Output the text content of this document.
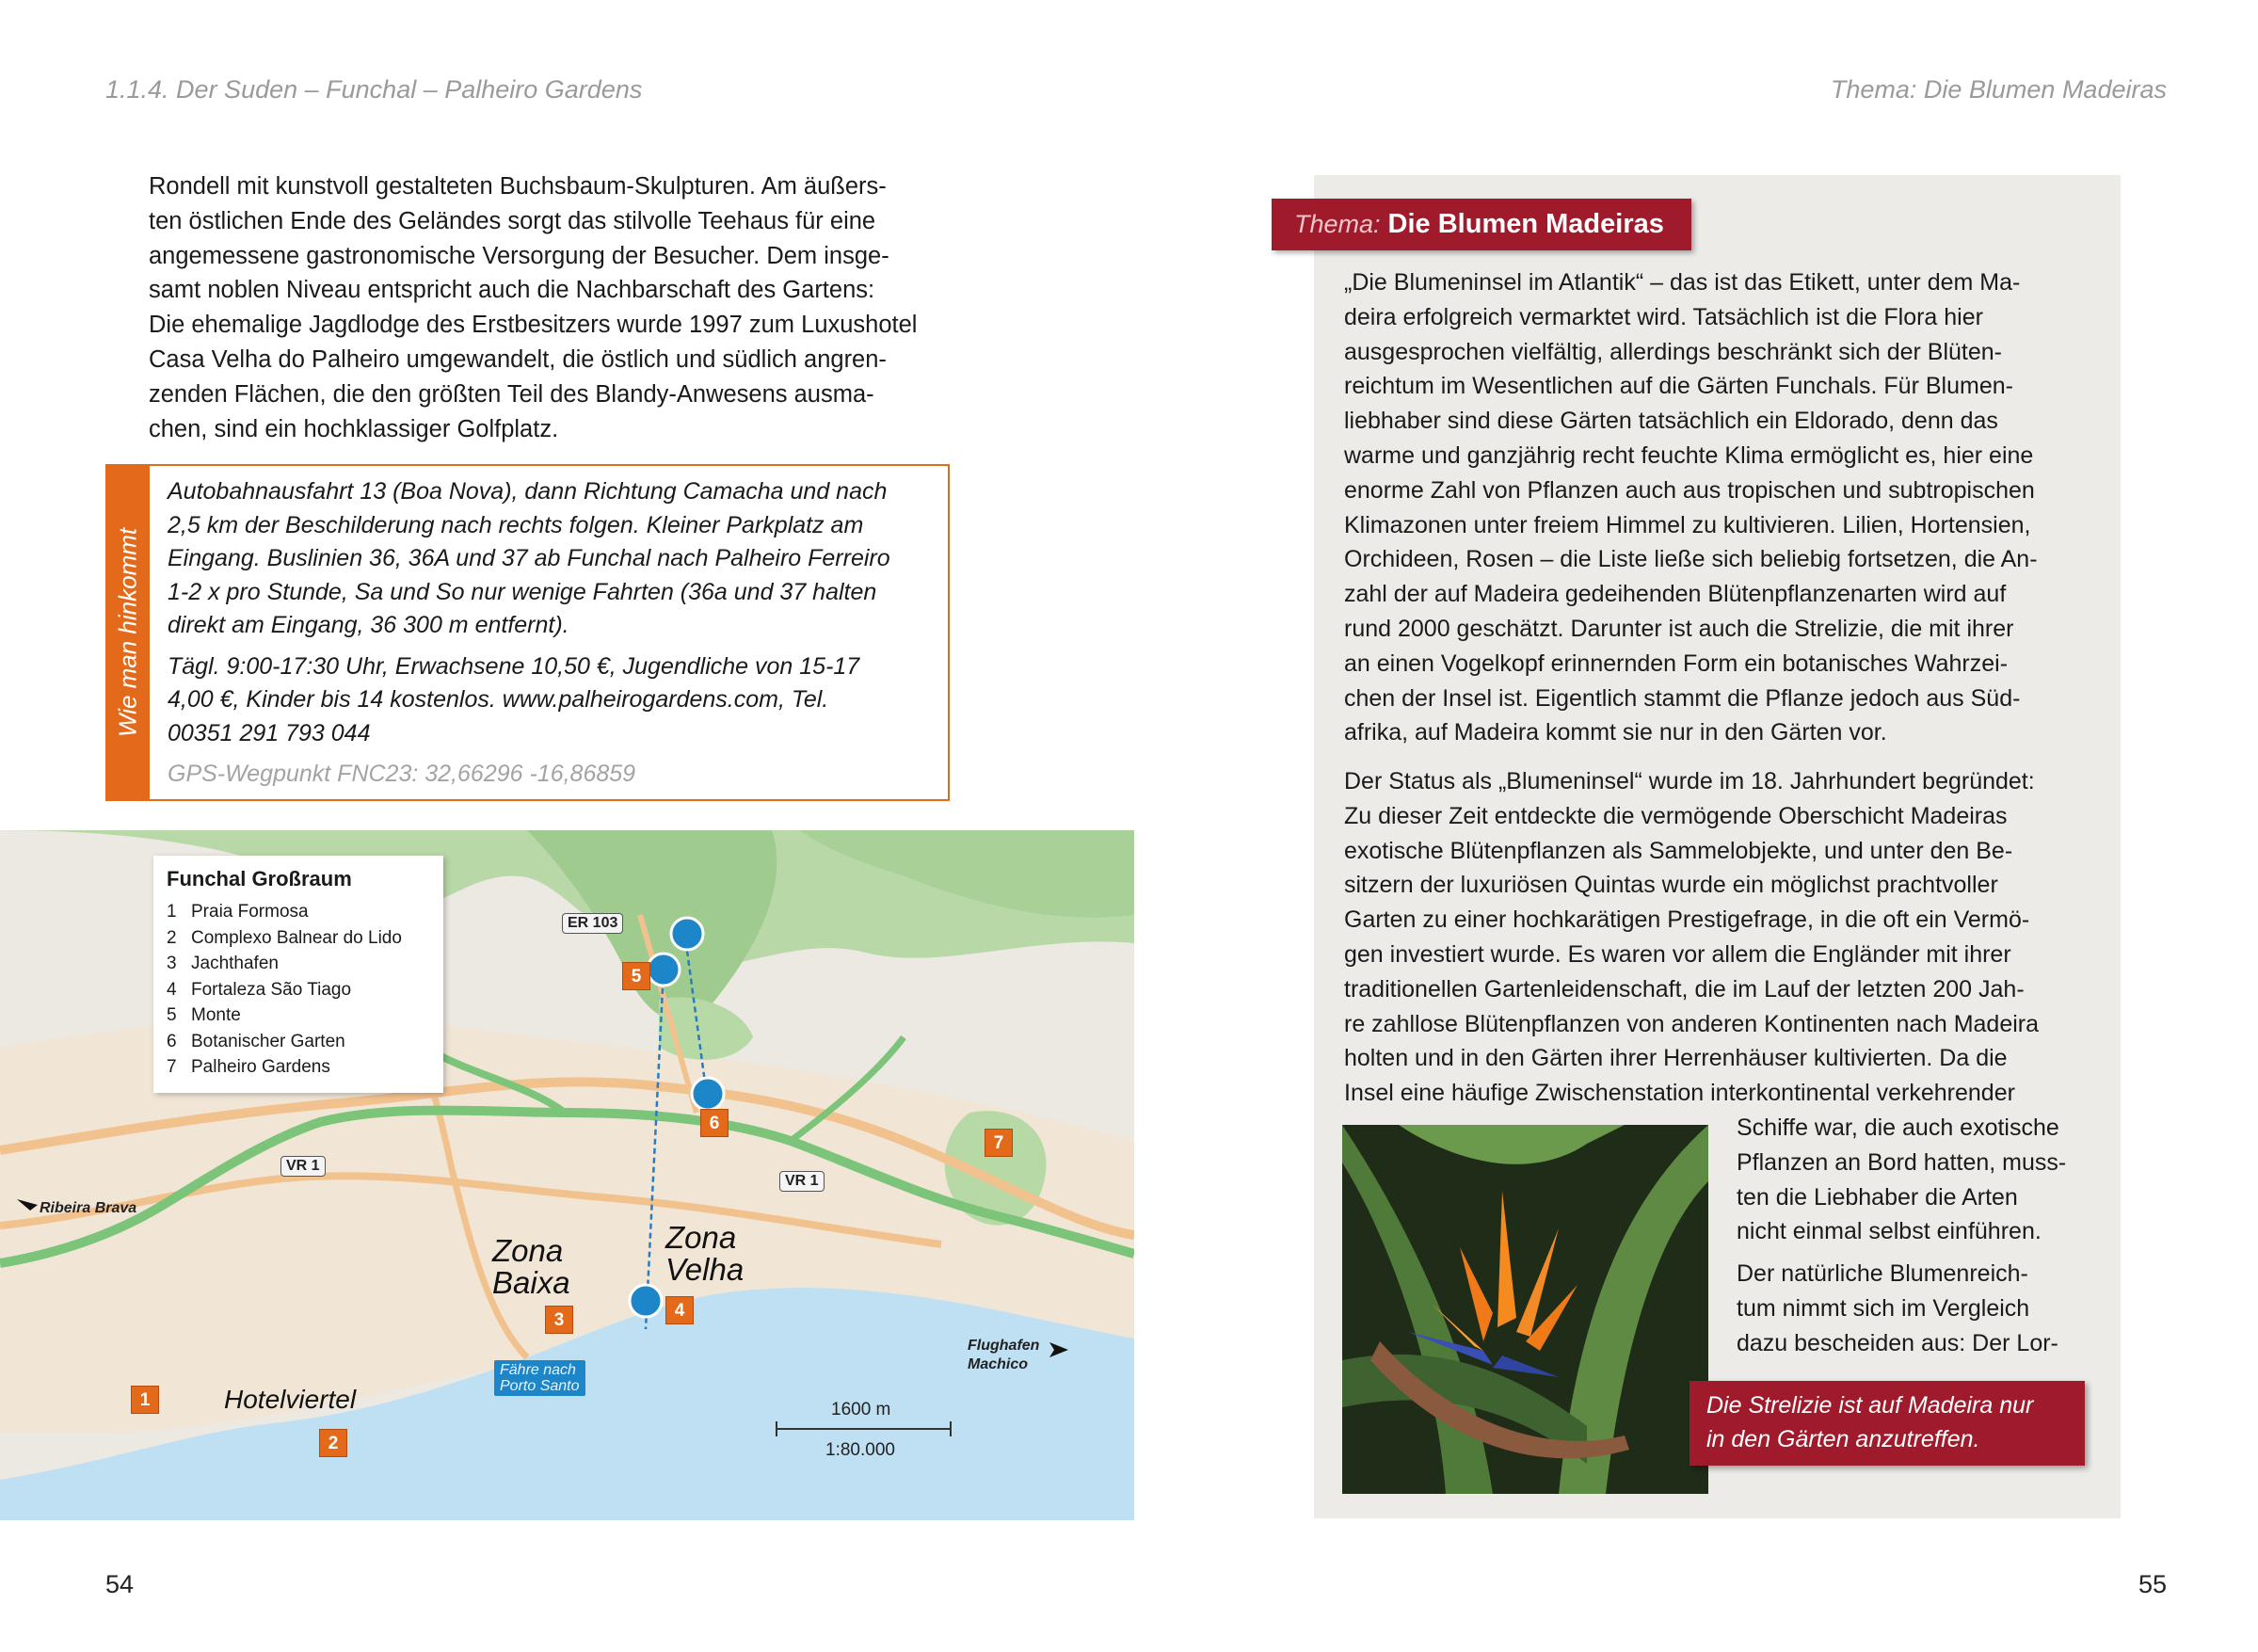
1.1.4. Der Suden – Funchal – Palheiro Gardens

Rondell mit kunstvoll gestalteten Buchsbaum-Skulpturen. Am äußers-

ten östlichen Ende des Geländes sorgt das stilvolle Teehaus für eine

angemessene gastronomische Versorgung der Besucher. Dem insge-

samt noblen Niveau entspricht auch die Nachbarschaft des Gartens:

Die ehemalige Jagdlodge des Erstbesitzers wurde 1997 zum Luxushotel

Casa Velha do Palheiro umgewandelt, die östlich und südlich angren-

zenden Flächen, die den größten Teil des Blandy-Anwesens ausma-

chen, sind ein hochklassiger Golfplatz.

Wie man hinkommt

Autobahnausfahrt 13 (Boa Nova), dann Richtung Camacha und nach
2,5 km der Beschilderung nach rechts folgen. Kleiner Parkplatz am
Eingang. Buslinien 36, 36A und 37 ab Funchal nach Palheiro Ferreiro
1-2 x pro Stunde, Sa und So nur wenige Fahrten (36a und 37 halten
direkt am Eingang, 36 300 m entfernt).

Tägl. 9:00-17:30 Uhr, Erwachsene 10,50 €, Jugendliche von 15-17
4,00 €, Kinder bis 14 kostenlos. www.palheirogardens.com, Tel.
00351 291 793 044

GPS-Wegpunkt FNC23: 32,66296 -16,86859

ER 103
VR 1
VR 1
Ribeira Brava
Flughafen
Machico
Zona
Baixa
Zona
Velha
Hotelviertel
Fähre nach
Porto Santo
1600 m
1:80.000
1
2
3	4
5
6
7
Funchal Großraum
1 Praia Formosa
2 Complexo Balnear do Lido
3 Jachthafen
4 Fortaleza São Tiago
5 Monte
6 Botanischer Garten
7 Palheiro Gardens
54
Thema: Die Blumen Madeiras
Thema: Die Blumen Madeiras

„Die Blumeninsel im Atlantik“ – das ist das Etikett, unter dem Ma-

deira erfolgreich vermarktet wird. Tatsächlich ist die Flora hier

ausgesprochen vielfältig, allerdings beschränkt sich der Blüten-

reichtum im Wesentlichen auf die Gärten Funchals. Für Blumen-

liebhaber sind diese Gärten tatsächlich ein Eldorado, denn das

warme und ganzjährig recht feuchte Klima ermöglicht es, hier eine

enorme Zahl von Pflanzen auch aus tropischen und subtropischen

Klimazonen unter freiem Himmel zu kultivieren. Lilien, Hortensien,

Orchideen, Rosen – die Liste ließe sich beliebig fortsetzen, die An-

zahl der auf Madeira gedeihenden Blütenpflanzenarten wird auf

rund 2000 geschätzt. Darunter ist auch die Strelizie, die mit ihrer

an einen Vogelkopf erinnernden Form ein botanisches Wahrzei-

chen der Insel ist. Eigentlich stammt die Pflanze jedoch aus Süd-

afrika, auf Madeira kommt sie nur in den Gärten vor.

Der Status als „Blumeninsel“ wurde im 18. Jahrhundert begründet:

Zu dieser Zeit entdeckte die vermögende Oberschicht Madeiras

exotische Blütenpflanzen als Sammelobjekte, und unter den Be-

sitzern der luxuriösen Quintas wurde ein möglichst prachtvoller

Garten zu einer hochkarätigen Prestigefrage, in die oft ein Vermö-

gen investiert wurde. Es waren vor allem die Engländer mit ihrer

traditionellen Gartenleidenschaft, die im Lauf der letzten 200 Jah-

re zahllose Blütenpflanzen von anderen Kontinenten nach Madeira

holten und in den Gärten ihrer Herrenhäuser kultivierten. Da die

Insel eine häufige Zwischenstation interkontinental verkehrender

Schiffe war, die auch exotische

Pflanzen an Bord hatten, muss-

ten die Liebhaber die Arten

nicht einmal selbst einführen.

Der natürliche Blumenreich-

tum nimmt sich im Vergleich

dazu bescheiden aus: Der Lor-

Die Strelizie ist auf Madeira nur
in den Gärten anzutreffen.
55
